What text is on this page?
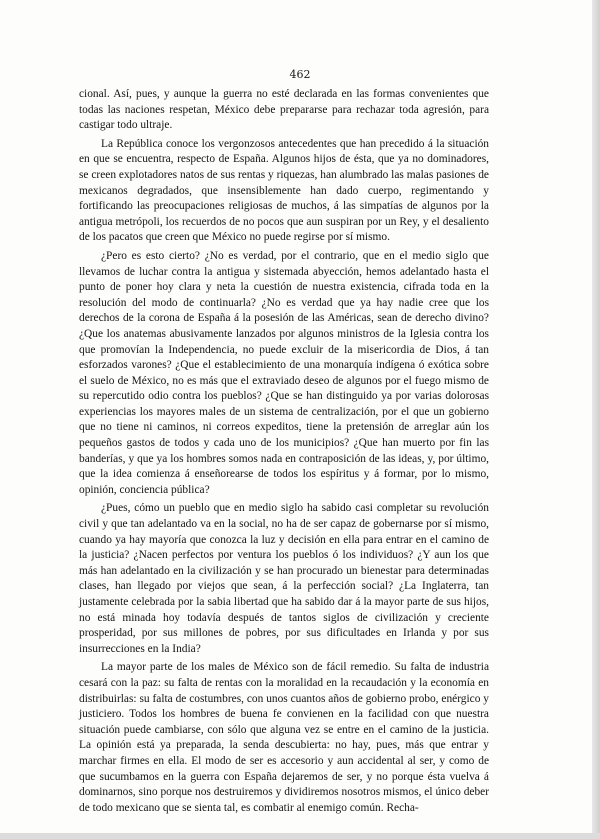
462

cional. Así, pues, y aunque la guerra no esté declarada en las formas convenientes que todas las naciones respetan, México debe prepararse para rechazar toda agresión, para castigar todo ultraje.

La República conoce los vergonzosos antecedentes que han precedido á la situación en que se encuentra, respecto de España. Algunos hijos de ésta, que ya no dominadores, se creen explotadores natos de sus rentas y riquezas, han alumbrado las malas pasiones de mexicanos degradados, que insensiblemente han dado cuerpo, regimentando y fortificando las preocupaciones religiosas de muchos, á las simpatías de algunos por la antigua metrópoli, los recuerdos de no pocos que aun suspiran por un Rey, y el desaliento de los pacatos que creen que México no puede regirse por sí mismo.

¿Pero es esto cierto? ¿No es verdad, por el contrario, que en el medio siglo que llevamos de luchar contra la antigua y sistemada abyección, hemos adelantado hasta el punto de poner hoy clara y neta la cuestión de nuestra existencia, cifrada toda en la resolución del modo de continuarla? ¿No es verdad que ya hay nadie cree que los derechos de la corona de España á la posesión de las Américas, sean de derecho divino? ¿Que los anatemas abusivamente lanzados por algunos ministros de la Iglesia contra los que promovían la Independencia, no puede excluir de la misericordia de Dios, á tan esforzados varones? ¿Que el establecimiento de una monarquía indígena ó exótica sobre el suelo de México, no es más que el extraviado deseo de algunos por el fuego mismo de su repercutido odio contra los pueblos? ¿Que se han distinguido ya por varias dolorosas experiencias los mayores males de un sistema de centralización, por el que un gobierno que no tiene ni caminos, ni correos expeditos, tiene la pretensión de arreglar aún los pequeños gastos de todos y cada uno de los municipios? ¿Que han muerto por fin las banderías, y que ya los hombres somos nada en contraposición de las ideas, y, por último, que la idea comienza á enseñorearse de todos los espíritus y á formar, por lo mismo, opinión, conciencia pública?

¿Pues, cómo un pueblo que en medio siglo ha sabido casi completar su revolución civil y que tan adelantado va en la social, no ha de ser capaz de gobernarse por sí mismo, cuando ya hay mayoría que conozca la luz y decisión en ella para entrar en el camino de la justicia? ¿Nacen perfectos por ventura los pueblos ó los individuos? ¿Y aun los que más han adelantado en la civilización y se han procurado un bienestar para determinadas clases, han llegado por viejos que sean, á la perfección social? ¿La Inglaterra, tan justamente celebrada por la sabia libertad que ha sabido dar á la mayor parte de sus hijos, no está minada hoy todavía después de tantos siglos de civilización y creciente prosperidad, por sus millones de pobres, por sus dificultades en Irlanda y por sus insurrecciones en la India?

La mayor parte de los males de México son de fácil remedio. Su falta de industria cesará con la paz: su falta de rentas con la moralidad en la recaudación y la economía en distribuirlas: su falta de costumbres, con unos cuantos años de gobierno probo, enérgico y justiciero. Todos los hombres de buena fe convienen en la facilidad con que nuestra situación puede cambiarse, con sólo que alguna vez se entre en el camino de la justicia. La opinión está ya preparada, la senda descubierta: no hay, pues, más que entrar y marchar firmes en ella. El modo de ser es accesorio y aun accidental al ser, y como de que sucumbamos en la guerra con España dejaremos de ser, y no porque ésta vuelva á dominarnos, sino porque nos destruiremos y dividiremos nosotros mismos, el único deber de todo mexicano que se sienta tal, es combatir al enemigo común. Recha-
